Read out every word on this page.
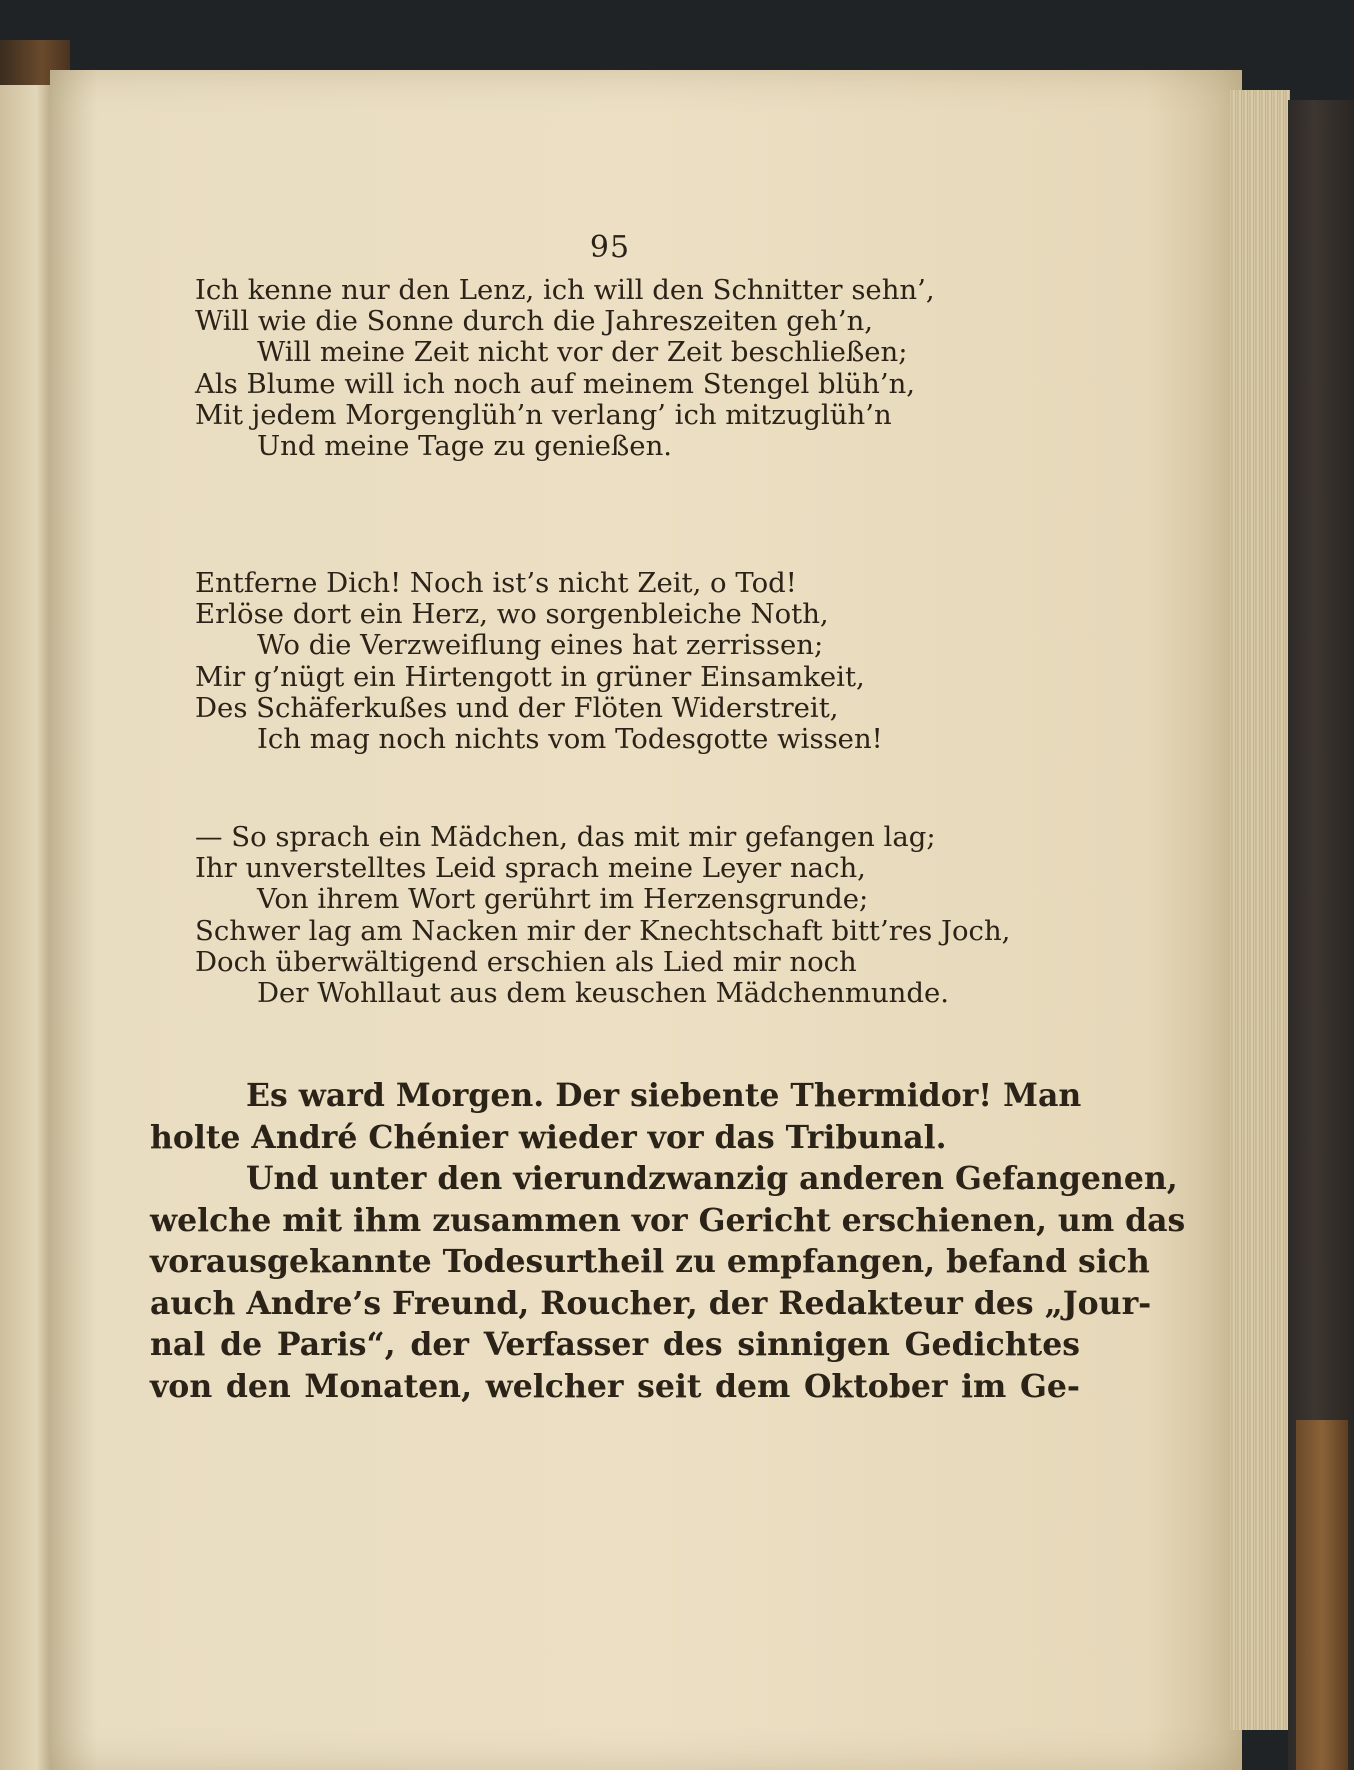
95
Ich kenne nur den Lenz, ich will den Schnitter sehn’,
Will wie die Sonne durch die Jahreszeiten geh’n,
Will meine Zeit nicht vor der Zeit beschließen;
Als Blume will ich noch auf meinem Stengel blüh’n,
Mit jedem Morgenglüh’n verlang’ ich mitzuglüh’n
Und meine Tage zu genießen.
Entferne Dich! Noch ist’s nicht Zeit, o Tod!
Erlöse dort ein Herz, wo sorgenbleiche Noth,
Wo die Verzweiflung eines hat zerrissen;
Mir g’nügt ein Hirtengott in grüner Einsamkeit,
Des Schäferkußes und der Flöten Widerstreit,
Ich mag noch nichts vom Todesgotte wissen!
— So sprach ein Mädchen, das mit mir gefangen lag;
Ihr unverstelltes Leid sprach meine Leyer nach,
Von ihrem Wort gerührt im Herzensgrunde;
Schwer lag am Nacken mir der Knechtschaft bitt’res Joch,
Doch überwältigend erschien als Lied mir noch
Der Wohllaut aus dem keuschen Mädchenmunde.
Es ward Morgen. Der siebente Thermidor! Man
holte André Chénier wieder vor das Tribunal.
Und unter den vierundzwanzig anderen Gefangenen,
welche mit ihm zusammen vor Gericht erschienen, um das
vorausgekannte Todesurtheil zu empfangen, befand sich
auch Andre’s Freund, Roucher, der Redakteur des „Jour-
nal de Paris“, der Verfasser des sinnigen Gedichtes
von den Monaten, welcher seit dem Oktober im Ge-
